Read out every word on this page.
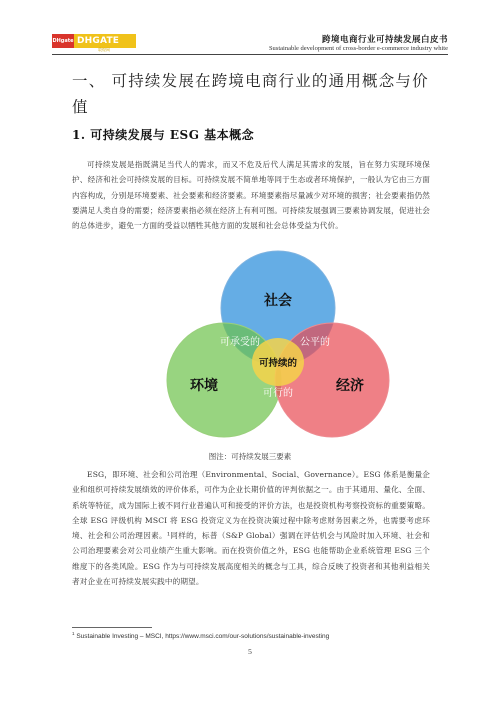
DHgate DHGATE
敦煌网
跨境电商行业可持续发展白皮书
Sustainable development of cross-border e-commerce industry white
一、 可持续发展在跨境电商行业的通用概念与价值
1. 可持续发展与 ESG 基本概念

可持续发展是指既满足当代人的需求，而又不危及后代人满足其需求的发展，旨在努力实现环境保护、经济和社会可持续发展的目标。可持续发展不简单地等同于生态或者环境保护，一般认为它由三方面内容构成，分别是环境要素、社会要素和经济要素。环境要素指尽量减少对环境的损害；社会要素指仍然要满足人类自身的需要；经济要素指必须在经济上有利可图。可持续发展强调三要素协调发展，促进社会的总体进步，避免一方面的受益以牺牲其他方面的发展和社会总体受益为代价。

社会
环境	经济
可承受的	公平的
可行的
可持续的
图注：可持续发展三要素

ESG，即环境、社会和公司治理（Environmental、Social、Governance）。ESG 体系是衡量企业和组织可持续发展绩效的评价体系，可作为企业长期价值的评判依据之一。由于其通用、量化、全面、系统等特征，成为国际上被不同行业普遍认可和接受的评价方法，也是投资机构考察投资标的重要策略。全球 ESG 评级机构 MSCI 将 ESG 投资定义为在投资决策过程中除考虑财务因素之外，也需要考虑环境、社会和公司治理因素。¹同样的，标普（S&P Global）强调在评估机会与风险时加入环境、社会和公司治理要素会对公司业绩产生重大影响。而在投资价值之外，ESG 也能帮助企业系统管理 ESG 三个维度下的各类风险。ESG 作为与可持续发展高度相关的概念与工具，综合反映了投资者和其他利益相关者对企业在可持续发展实践中的期望。

$^1$ Sustainable Investing – MSCI, https://www.msci.com/our-solutions/sustainable-investing
5
